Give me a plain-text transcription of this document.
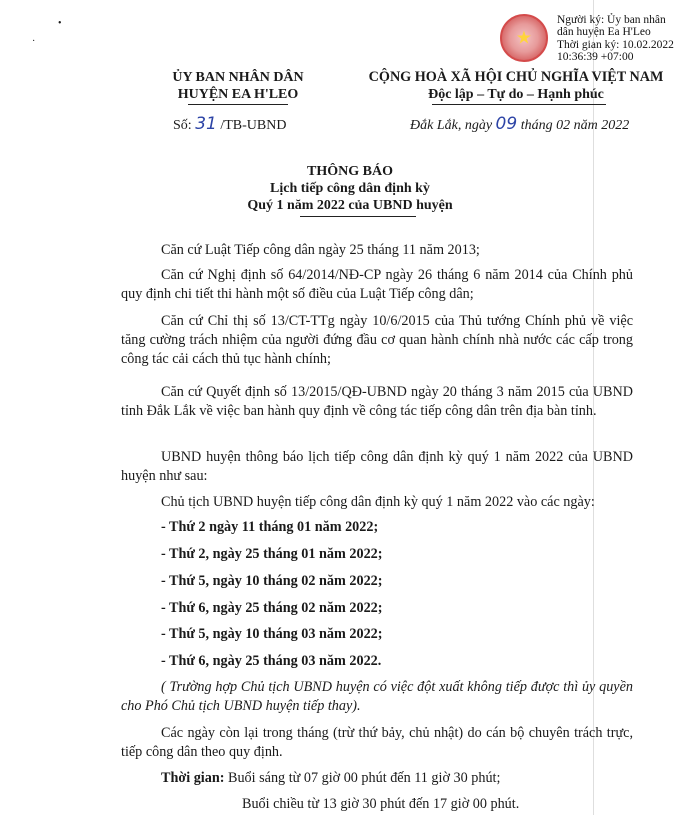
•
·	★
Người ký: Ủy ban nhân
dân huyện Ea H'Leo
Thời gian ký: 10.02.2022
10:36:39 +07:00
ỦY BAN NHÂN DÂN
HUYỆN EA H'LEO
CỘNG HOÀ XÃ HỘI CHỦ NGHĨA VIỆT NAM
Độc lập – Tự do – Hạnh phúc
Số: 31 /TB-UBND	Đắk Lắk, ngày 09 tháng 02 năm 2022
THÔNG BÁO
Lịch tiếp công dân định kỳ
Quý 1 năm 2022 của UBND huyện
Căn cứ Luật Tiếp công dân ngày 25 tháng 11 năm 2013;
Căn cứ Nghị định số 64/2014/NĐ-CP ngày 26 tháng 6 năm 2014 của Chính phủ quy định chi tiết thi hành một số điều của Luật Tiếp công dân;
Căn cứ Chỉ thị số 13/CT-TTg ngày 10/6/2015 của Thủ tướng Chính phủ về việc tăng cường trách nhiệm của người đứng đầu cơ quan hành chính nhà nước các cấp trong công tác cải cách thủ tục hành chính;
Căn cứ Quyết định số 13/2015/QĐ-UBND ngày 20 tháng 3 năm 2015 của UBND tỉnh Đắk Lắk về việc ban hành quy định về công tác tiếp công dân trên địa bàn tỉnh.
UBND huyện thông báo lịch tiếp công dân định kỳ quý 1 năm 2022 của UBND huyện như sau:
Chủ tịch UBND huyện tiếp công dân định kỳ quý 1 năm 2022 vào các ngày:
- Thứ 2 ngày 11 tháng 01 năm 2022;
- Thứ 2, ngày 25 tháng 01 năm 2022;
- Thứ 5, ngày 10 tháng 02 năm 2022;
- Thứ 6, ngày 25 tháng 02 năm 2022;
- Thứ 5, ngày 10 tháng 03 năm 2022;
- Thứ 6, ngày 25 tháng 03 năm 2022.
( Trường hợp Chủ tịch UBND huyện có việc đột xuất không tiếp được thì ủy quyền cho Phó Chủ tịch UBND huyện tiếp thay).
Các ngày còn lại trong tháng (trừ thứ bảy, chủ nhật) do cán bộ chuyên trách trực, tiếp công dân theo quy định.
Thời gian: Buổi sáng từ 07 giờ 00 phút đến 11 giờ 30 phút;
Buổi chiều từ 13 giờ 30 phút đến 17 giờ 00 phút.
